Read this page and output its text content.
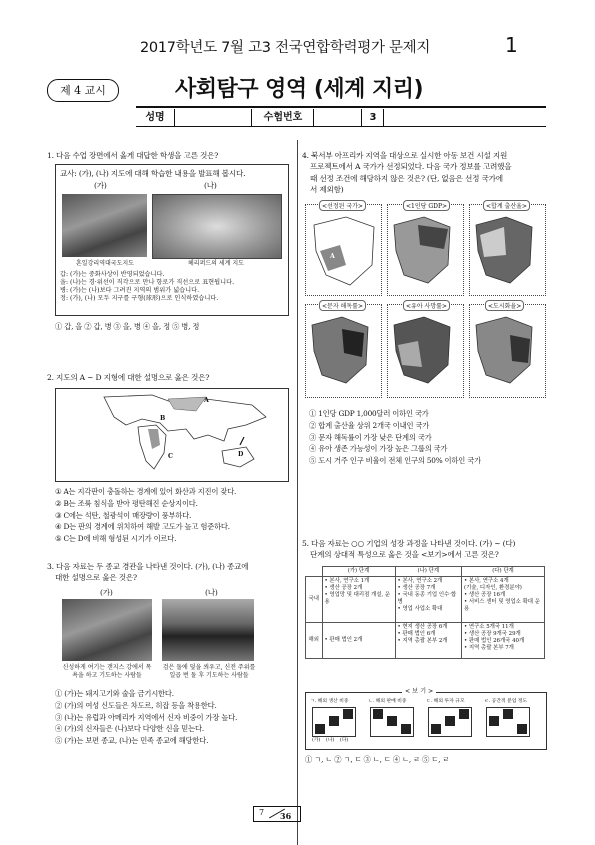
2017학년도 7월 고3 전국연합학력평가 문제지	1
제 4 교시	사회탐구 영역 (세계 지리)
성명	수험번호	3
1. 다음 수업 장면에서 옳게 대답한 학생을 고른 것은?
교사: (가), (나) 지도에 대해 학습한 내용을 발표해 봅시다.
(가)	(나)
혼일강리역대국도지도	헤리퍼드의 세계 지도
갑: (가)는 중화사상이 반영되었습니다.
을: (나)는 경·위선이 직각으로 만나 항로가 직선으로 표현됩니다.
병: (가)는 (나)보다 그려진 지역의 범위가 넓습니다.
정: (가), (나) 모두 지구를 구형(球形)으로 인식하였습니다.
① 갑, 을 ② 갑, 병 ③ 을, 병 ④ 을, 정 ⑤ 병, 정
2. 지도의 A ~ D 지형에 대한 설명으로 옳은 것은?
A
B
C	D
① A는 지각판이 충돌하는 경계에 있어 화산과 지진이 잦다.
② B는 조륙 침식을 받아 평탄해진 순상지이다.
③ C에는 석탄, 철광석이 매장량이 풍부하다.
④ D는 판의 경계에 위치하여 해발 고도가 높고 험준하다.
⑤ C는 D에 비해 형성된 시기가 이르다.
3. 다음 자료는 두 종교 경관을 나타낸 것이다. (가), (나) 종교에
대한 설명으로 옳은 것은?
(가)	(나)
신성하게 여기는 갠지스 강에서 목욕을 하고 기도하는 사람들
검은 돌에 덮을 씌우고, 신전 주위를 일곱 번 돌 후 기도하는 사람들
① (가)는 돼지고기와 술을 금기시한다.
② (가)의 여성 신도들은 차도르, 히잡 등을 착용한다.
③ (나)는 유럽과 아메리카 지역에서 신자 비중이 가장 높다.
④ (가)의 신자들은 (나)보다 다양한 신을 믿는다.
⑤ (가)는 보편 종교, (나)는 민족 종교에 해당한다.
4. 북서부 아프리카 지역을 대상으로 실시한 아동 보건 시설 지원
프로젝트에서 A 국가가 선정되었다. 다음 국가 정보를 고려했을
때 선정 조건에 해당하지 않은 것은? (단, 없음은 선정 국가에
서 제외함)
A
<선정된 국가>	<1인당 GDP>	<합계 출산율>
<문자 해독률>	<유아 사망률>	<도시화율>
① 1인당 GDP 1,000달러 이하인 국가
② 합계 출산율 상위 2개국 이내인 국가
③ 문자 해독률이 가장 낮은 단계의 국가
④ 유아 생존 가능성이 가장 높은 그룹의 국가
⑤ 도시 거주 인구 비율이 전체 인구의 50% 이하인 국가
5. 다음 자료는 ○○ 기업의 성장 과정을 나타낸 것이다. (가) ~ (다)
단계의 상대적 특성으로 옳은 것을 <보기>에서 고른 것은?
	(가) 단계	(나) 단계	(다) 단계
국내	• 본사, 연구소 1개
• 생산 공장 2개
• 영업망 및 대리점 개설, 운용	• 본사, 연구소 2개
• 생산 공장 7개
• 국내 동종 기업 인수·합병
• 영업 사업소 확대	• 본사, 연구소 4개
(기술, 디자인, 환경분야)
• 생산 공장 16개
• 서비스 센터 및 영업소 확대 운용
해외	• 판매 법인 2개	• 현지 생산 공장 6개
• 판매 법인 6개
• 지역 총괄 본부 2개	• 연구소 5개국 11개
• 생산 공장 9개국 29개
• 판매 법인 26개국 40개
• 지역 총괄 본부 7개
< 보 기 >
ㄱ. 해외 생산 비중	ㄴ. 해외 판매 비중	ㄷ. 해외 투자 규모	ㄹ. 공간적 분업 정도
(가) (나) (다)
① ㄱ, ㄴ ② ㄱ, ㄷ ③ ㄴ, ㄷ ④ ㄴ, ㄹ ⑤ ㄷ, ㄹ
7 36
